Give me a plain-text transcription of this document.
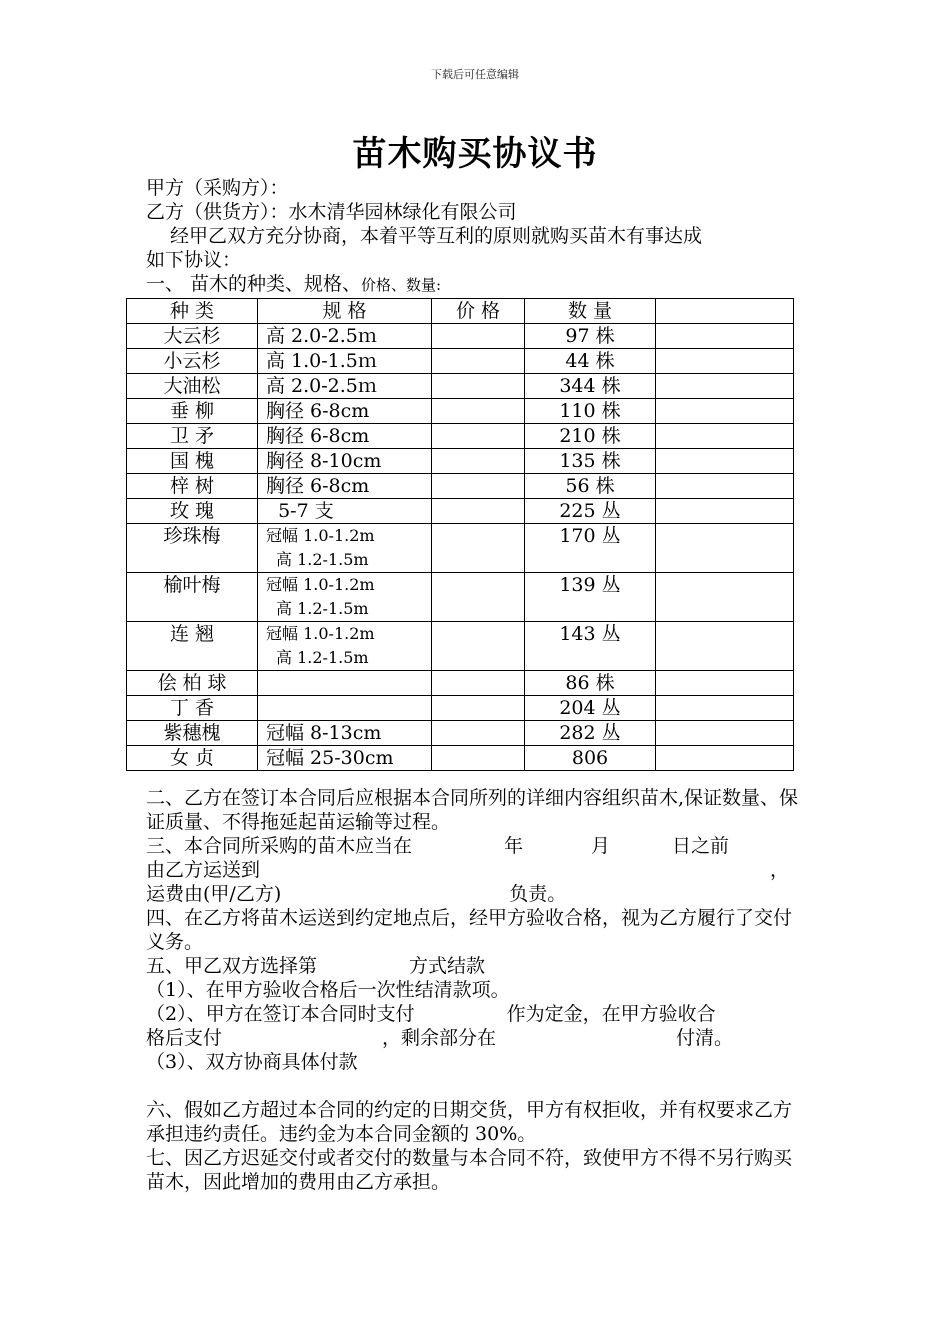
下载后可任意编辑
苗木购买协议书
甲方（采购方）：
乙方（供货方）：水木清华园林绿化有限公司
经甲乙双方充分协商，本着平等互利的原则就购买苗木有事达成
如下协议：
一、 苗木的种类、规格、价格、数量:
种 类	规 格	价 格	数 量	
大云杉	高 2.0-2.5ｍ		97 株	
小云杉	高 1.0-1.5ｍ		44 株	
大油松	高 2.0-2.5ｍ		344 株	
垂 柳	胸径 6-8cm		110 株	
卫 矛	胸径 6-8cm		210 株	
国 槐	胸径 8-10cm		135 株	
梓 树	胸径 6-8cm		56 株	
玫 瑰	5-7 支		225 丛	
珍珠梅	冠幅 1.0-1.2m
高 1.2-1.5m		170 丛	
榆叶梅	冠幅 1.0-1.2m
高 1.2-1.5m		139 丛	
连 翘	冠幅 1.0-1.2m
高 1.2-1.5m		143 丛	
侩 柏 球			86 株	
丁 香			204 丛	
紫穗槐	冠幅 8-13cm		282 丛	
女 贞	冠幅 25-30cm		806	
二、乙方在签订本合同后应根据本合同所列的详细内容组织苗木,保证数量、保证质量、不得拖延起苗运输等过程。
三、本合同所采购的苗木应当在	年	月	日之前
由乙方运送到	，
运费由(甲/乙方)	负责。
四、在乙方将苗木运送到约定地点后，经甲方验收合格，视为乙方履行了交付义务。
五、甲乙双方选择第	方式结款
（1）、在甲方验收合格后一次性结清款项。
（2）、甲方在签订本合同时支付	作为定金，在甲方验收合
格后支付	，剩余部分在	付清。
（3）、双方协商具体付款
六、假如乙方超过本合同的约定的日期交货，甲方有权拒收，并有权要求乙方承担违约责任。违约金为本合同金额的 30%。
七、因乙方迟延交付或者交付的数量与本合同不符，致使甲方不得不另行购买苗木，因此增加的费用由乙方承担。
